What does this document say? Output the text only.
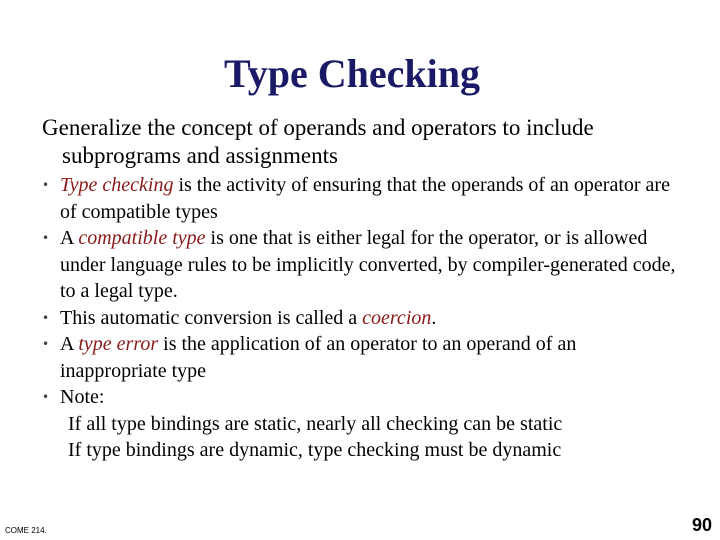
Type Checking
Generalize the concept of operands and operators to include subprograms and assignments
• Type checking is the activity of ensuring that the operands of an operator are of compatible types
• A compatible type is one that is either legal for the operator, or is allowed under language rules to be implicitly converted, by compiler-generated code, to a legal type.
• This automatic conversion is called a coercion.
• A type error is the application of an operator to an operand of an inappropriate type
• Note:
If all type bindings are static, nearly all checking can be static
If type bindings are dynamic, type checking must be dynamic
COME 214.	90
